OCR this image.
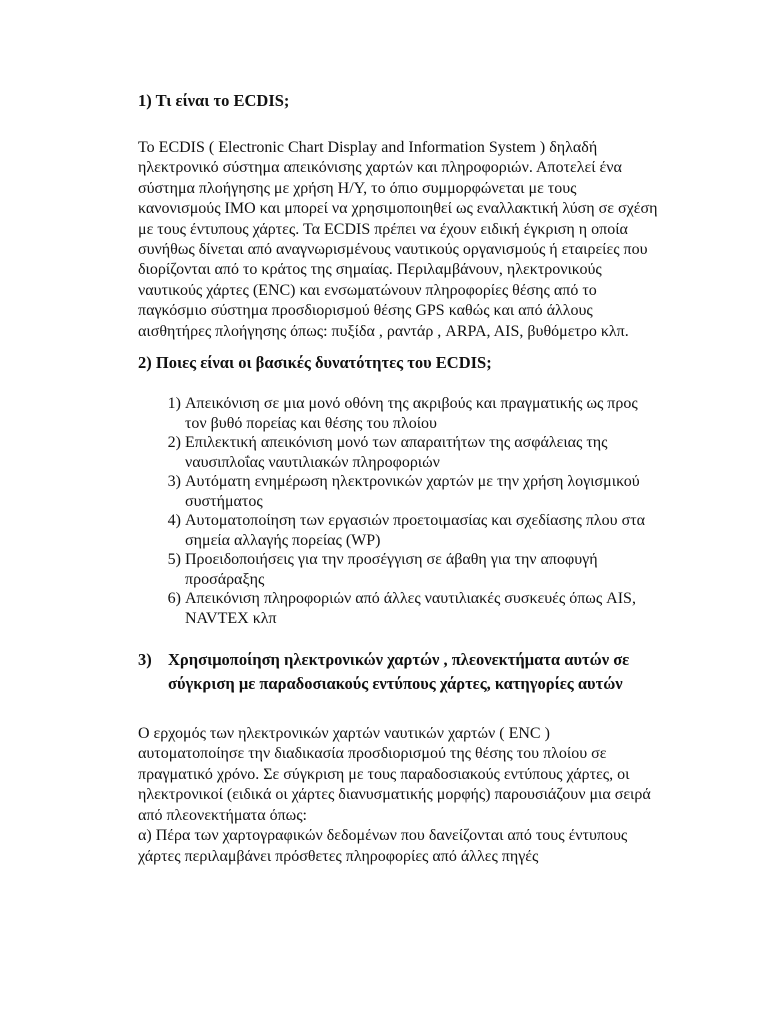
1) Τι είναι το ECDIS;

Το ECDIS ( Electronic Chart Display and Information System ) δηλαδή ηλεκτρονικό σύστημα απεικόνισης χαρτών και πληροφοριών. Αποτελεί ένα σύστημα πλοήγησης με χρήση Η/Υ, το όπιο συμμορφώνεται με τους κανονισμούς IMO και μπορεί να χρησιμοποιηθεί ως εναλλακτική λύση σε σχέση με τους έντυπους χάρτες. Τα ECDIS πρέπει να έχουν ειδική έγκριση η οποία συνήθως δίνεται από αναγνωρισμένους ναυτικούς οργανισμούς ή εταιρείες που διορίζονται από το κράτος της σημαίας. Περιλαμβάνουν, ηλεκτρονικούς ναυτικούς χάρτες (ENC) και ενσωματώνουν πληροφορίες θέσης από το παγκόσμιο σύστημα προσδιορισμού θέσης GPS καθώς και από άλλους αισθητήρες πλοήγησης όπως: πυξίδα , ραντάρ , ARPA, AIS, βυθόμετρο κλπ.

2) Ποιες είναι οι βασικές δυνατότητες του ECDIS;
1) Απεικόνιση σε μια μονό οθόνη της ακριβούς και πραγματικής ως προς τον βυθό πορείας και θέσης του πλοίου
2) Επιλεκτική απεικόνιση μονό των απαραιτήτων της ασφάλειας της ναυσιπλοΐας ναυτιλιακών πληροφοριών
3) Αυτόματη ενημέρωση ηλεκτρονικών χαρτών με την χρήση λογισμικού συστήματος
4) Αυτοματοποίηση των εργασιών προετοιμασίας και σχεδίασης πλου στα σημεία αλλαγής πορείας (WP)
5) Προειδοποιήσεις για την προσέγγιση σε άβαθη για την αποφυγή προσάραξης
6) Απεικόνιση πληροφοριών από άλλες ναυτιλιακές συσκευές όπως AIS, NAVTEX κλπ
3) Χρησιμοποίηση ηλεκτρονικών χαρτών , πλεονεκτήματα αυτών σε σύγκριση με παραδοσιακούς εντύπους χάρτες, κατηγορίες αυτών

Ο ερχομός των ηλεκτρονικών χαρτών ναυτικών χαρτών ( ENC ) αυτοματοποίησε την διαδικασία προσδιορισμού της θέσης του πλοίου σε πραγματικό χρόνο. Σε σύγκριση με τους παραδοσιακούς εντύπους χάρτες, οι ηλεκτρονικοί (ειδικά οι χάρτες διανυσματικής μορφής) παρουσιάζουν μια σειρά από πλεονεκτήματα όπως:

α) Πέρα των χαρτογραφικών δεδομένων που δανείζονται από τους έντυπους χάρτες περιλαμβάνει πρόσθετες πληροφορίες από άλλες πηγές
